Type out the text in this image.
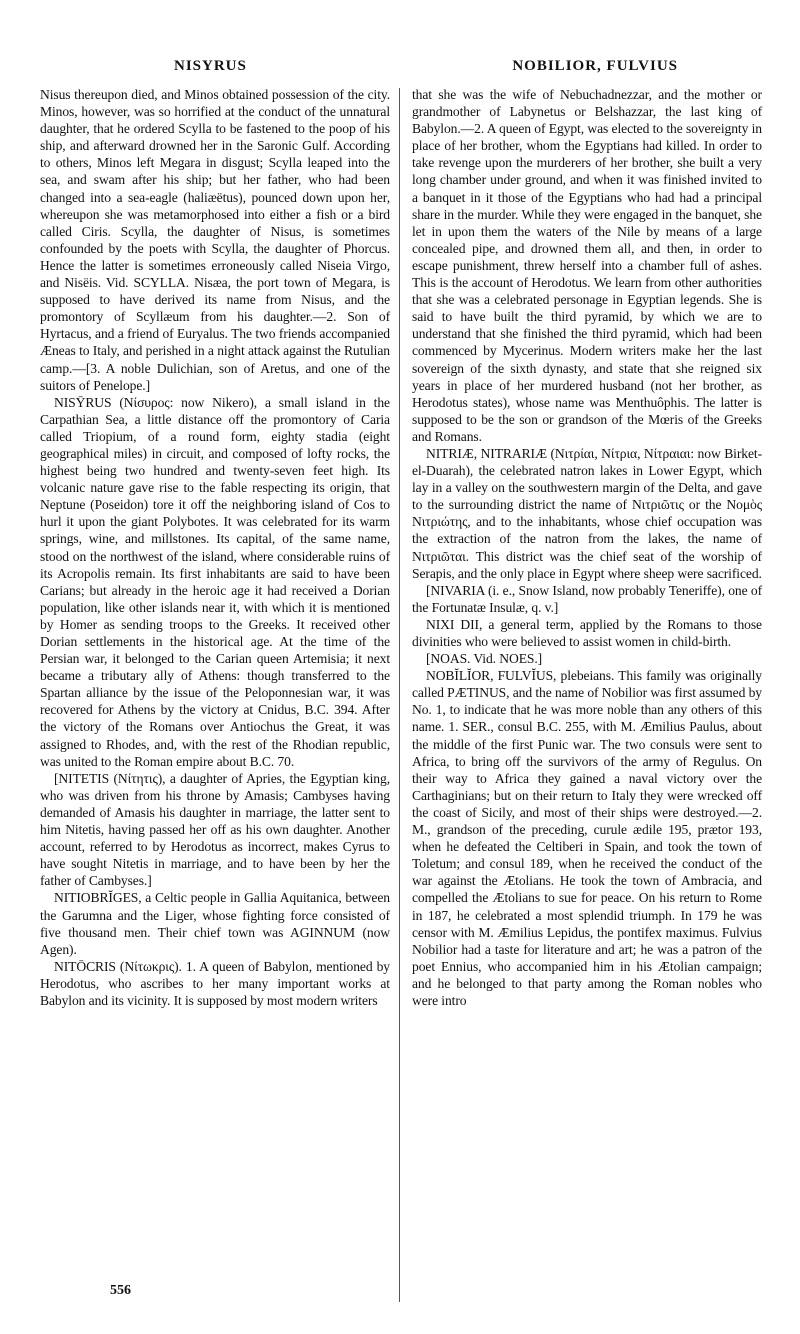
NISYRUS	NOBILIOR, FULVIUS

Nisus thereupon died, and Minos obtained possession of the city. Minos, however, was so horrified at the conduct of the unnatural daughter, that he ordered Scylla to be fastened to the poop of his ship, and afterward drowned her in the Saronic Gulf. According to others, Minos left Megara in disgust; Scylla leaped into the sea, and swam after his ship; but her father, who had been changed into a sea-eagle (haliæëtus), pounced down upon her, whereupon she was metamorphosed into either a fish or a bird called Ciris. Scylla, the daughter of Nisus, is sometimes confounded by the poets with Scylla, the daughter of Phorcus. Hence the latter is sometimes erroneously called Niseia Virgo, and Nisëis. Vid. SCYLLA. Nisæa, the port town of Megara, is supposed to have derived its name from Nisus, and the promontory of Scyllæum from his daughter.—2. Son of Hyrtacus, and a friend of Euryalus. The two friends accompanied Æneas to Italy, and perished in a night attack against the Rutulian camp.—[3. A noble Dulichian, son of Aretus, and one of the suitors of Penelope.]

NISȲRUS (Νίσυρος: now Nikero), a small island in the Carpathian Sea, a little distance off the promontory of Caria called Triopium, of a round form, eighty stadia (eight geographical miles) in circuit, and composed of lofty rocks, the highest being two hundred and twenty-seven feet high. Its volcanic nature gave rise to the fable respecting its origin, that Neptune (Poseidon) tore it off the neighboring island of Cos to hurl it upon the giant Polybotes. It was celebrated for its warm springs, wine, and millstones. Its capital, of the same name, stood on the northwest of the island, where considerable ruins of its Acropolis remain. Its first inhabitants are said to have been Carians; but already in the heroic age it had received a Dorian population, like other islands near it, with which it is mentioned by Homer as sending troops to the Greeks. It received other Dorian settlements in the historical age. At the time of the Persian war, it belonged to the Carian queen Artemisia; it next became a tributary ally of Athens: though transferred to the Spartan alliance by the issue of the Peloponnesian war, it was recovered for Athens by the victory at Cnidus, B.C. 394. After the victory of the Romans over Antiochus the Great, it was assigned to Rhodes, and, with the rest of the Rhodian republic, was united to the Roman empire about B.C. 70.

[NITETIS (Νίτητις), a daughter of Apries, the Egyptian king, who was driven from his throne by Amasis; Cambyses having demanded of Amasis his daughter in marriage, the latter sent to him Nitetis, having passed her off as his own daughter. Another account, referred to by Herodotus as incorrect, makes Cyrus to have sought Nitetis in marriage, and to have been by her the father of Cambyses.]

NITIOBRĬGES, a Celtic people in Gallia Aquitanica, between the Garumna and the Liger, whose fighting force consisted of five thousand men. Their chief town was AGINNUM (now Agen).

NITŌCRIS (Νίτωκρις). 1. A queen of Babylon, mentioned by Herodotus, who ascribes to her many important works at Babylon and its vicinity. It is supposed by most modern writers

that she was the wife of Nebuchadnezzar, and the mother or grandmother of Labynetus or Belshazzar, the last king of Babylon.—2. A queen of Egypt, was elected to the sovereignty in place of her brother, whom the Egyptians had killed. In order to take revenge upon the murderers of her brother, she built a very long chamber under ground, and when it was finished invited to a banquet in it those of the Egyptians who had had a principal share in the murder. While they were engaged in the banquet, she let in upon them the waters of the Nile by means of a large concealed pipe, and drowned them all, and then, in order to escape punishment, threw herself into a chamber full of ashes. This is the account of Herodotus. We learn from other authorities that she was a celebrated personage in Egyptian legends. She is said to have built the third pyramid, by which we are to understand that she finished the third pyramid, which had been commenced by Mycerinus. Modern writers make her the last sovereign of the sixth dynasty, and state that she reigned six years in place of her murdered husband (not her brother, as Herodotus states), whose name was Menthuôphis. The latter is supposed to be the son or grandson of the Mœris of the Greeks and Romans.

NITRIÆ, NITRARIÆ (Νιτρίαι, Νίτρια, Νίτραιαι: now Birket-el-Duarah), the celebrated natron lakes in Lower Egypt, which lay in a valley on the southwestern margin of the Delta, and gave to the surrounding district the name of Νιτριῶτις or the Νομὸς Νιτριώτης, and to the inhabitants, whose chief occupation was the extraction of the natron from the lakes, the name of Νιτριῶται. This district was the chief seat of the worship of Serapis, and the only place in Egypt where sheep were sacrificed.

[NIVARIA (i. e., Snow Island, now probably Teneriffe), one of the Fortunatæ Insulæ, q. v.]

NIXI DII, a general term, applied by the Romans to those divinities who were believed to assist women in child-birth.

[NOAS. Vid. NOES.]

NOBĬLĬOR, FULVĬUS, plebeians. This family was originally called PÆTINUS, and the name of Nobilior was first assumed by No. 1, to indicate that he was more noble than any others of this name. 1. SER., consul B.C. 255, with M. Æmilius Paulus, about the middle of the first Punic war. The two consuls were sent to Africa, to bring off the survivors of the army of Regulus. On their way to Africa they gained a naval victory over the Carthaginians; but on their return to Italy they were wrecked off the coast of Sicily, and most of their ships were destroyed.—2. M., grandson of the preceding, curule ædile 195, prætor 193, when he defeated the Celtiberi in Spain, and took the town of Toletum; and consul 189, when he received the conduct of the war against the Ætolians. He took the town of Ambracia, and compelled the Ætolians to sue for peace. On his return to Rome in 187, he celebrated a most splendid triumph. In 179 he was censor with M. Æmilius Lepidus, the pontifex maximus. Fulvius Nobilior had a taste for literature and art; he was a patron of the poet Ennius, who accompanied him in his Ætolian campaign; and he belonged to that party among the Roman nobles who were intro

556
